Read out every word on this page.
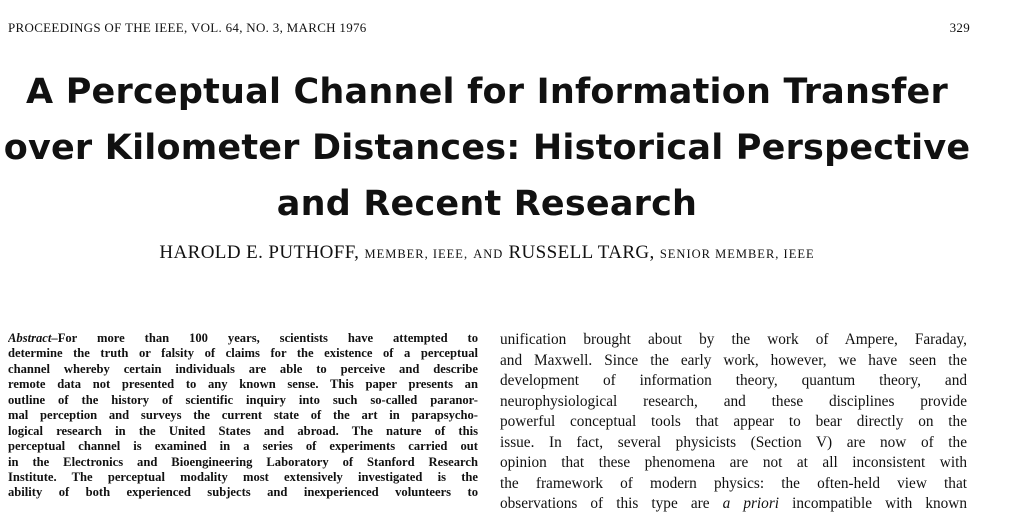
PROCEEDINGS OF THE IEEE, VOL. 64, NO. 3, MARCH 1976	329
A Perceptual Channel for Information Transfer
over Kilometer Distances: Historical Perspective
and Recent Research
HAROLD E. PUTHOFF, MEMBER, IEEE, AND RUSSELL TARG, SENIOR MEMBER, IEEE
Abstract–For more than 100 years, scientists have attempted to
determine the truth or falsity of claims for the existence of a perceptual
channel whereby certain individuals are able to perceive and describe
remote data not presented to any known sense. This paper presents an
outline of the history of scientific inquiry into such so-called paranor-
mal perception and surveys the current state of the art in parapsycho-
logical research in the United States and abroad. The nature of this
perceptual channel is examined in a series of experiments carried out
in the Electronics and Bioengineering Laboratory of Stanford Research
Institute. The perceptual modality most extensively investigated is the
ability of both experienced subjects and inexperienced volunteers to
unification brought about by the work of Ampere, Faraday,
and Maxwell. Since the early work, however, we have seen the
development of information theory, quantum theory, and
neurophysiological research, and these disciplines provide
powerful conceptual tools that appear to bear directly on the
issue. In fact, several physicists (Section V) are now of the
opinion that these phenomena are not at all inconsistent with
the framework of modern physics: the often-held view that
observations of this type are a priori incompatible with known
